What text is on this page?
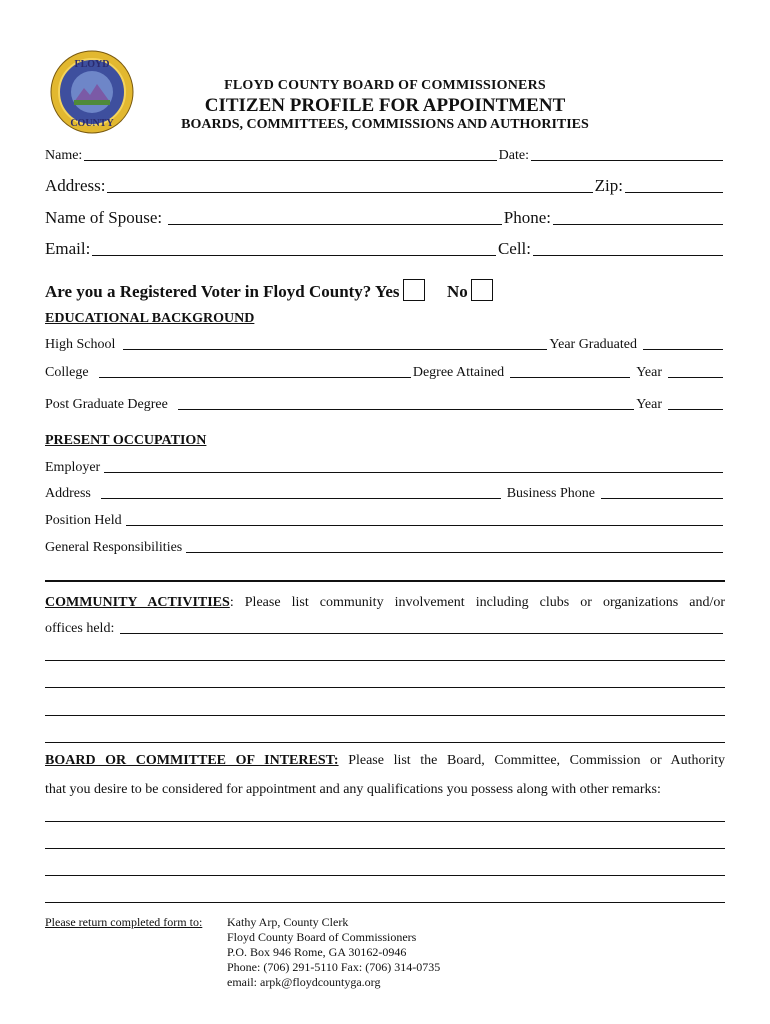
FLOYD
COUNTY
FLOYD COUNTY BOARD OF COMMISSIONERS
CITIZEN PROFILE FOR APPOINTMENT
BOARDS, COMMITTEES, COMMISSIONS AND AUTHORITIES
Name:	Date:
Address:	Zip:
Name of Spouse:	Phone:
Email:	Cell:
Are you a Registered Voter in Floyd County? Yes	No
EDUCATIONAL BACKGROUND
High School	Year Graduated
College	Degree Attained	Year
Post Graduate Degree	Year
PRESENT OCCUPATION
Employer
Address	Business Phone
Position Held
General Responsibilities
COMMUNITY ACTIVITIES: Please list community involvement including clubs or organizations and/or
offices held:
BOARD OR COMMITTEE OF INTEREST: Please list the Board, Committee, Commission or Authority
that you desire to be considered for appointment and any qualifications you possess along with other remarks:
Please return completed form to: Kathy Arp, County Clerk
Floyd County Board of Commissioners
P.O. Box 946 Rome, GA 30162-0946
Phone: (706) 291-5110 Fax: (706) 314-0735
email: arpk@floydcountyga.org
